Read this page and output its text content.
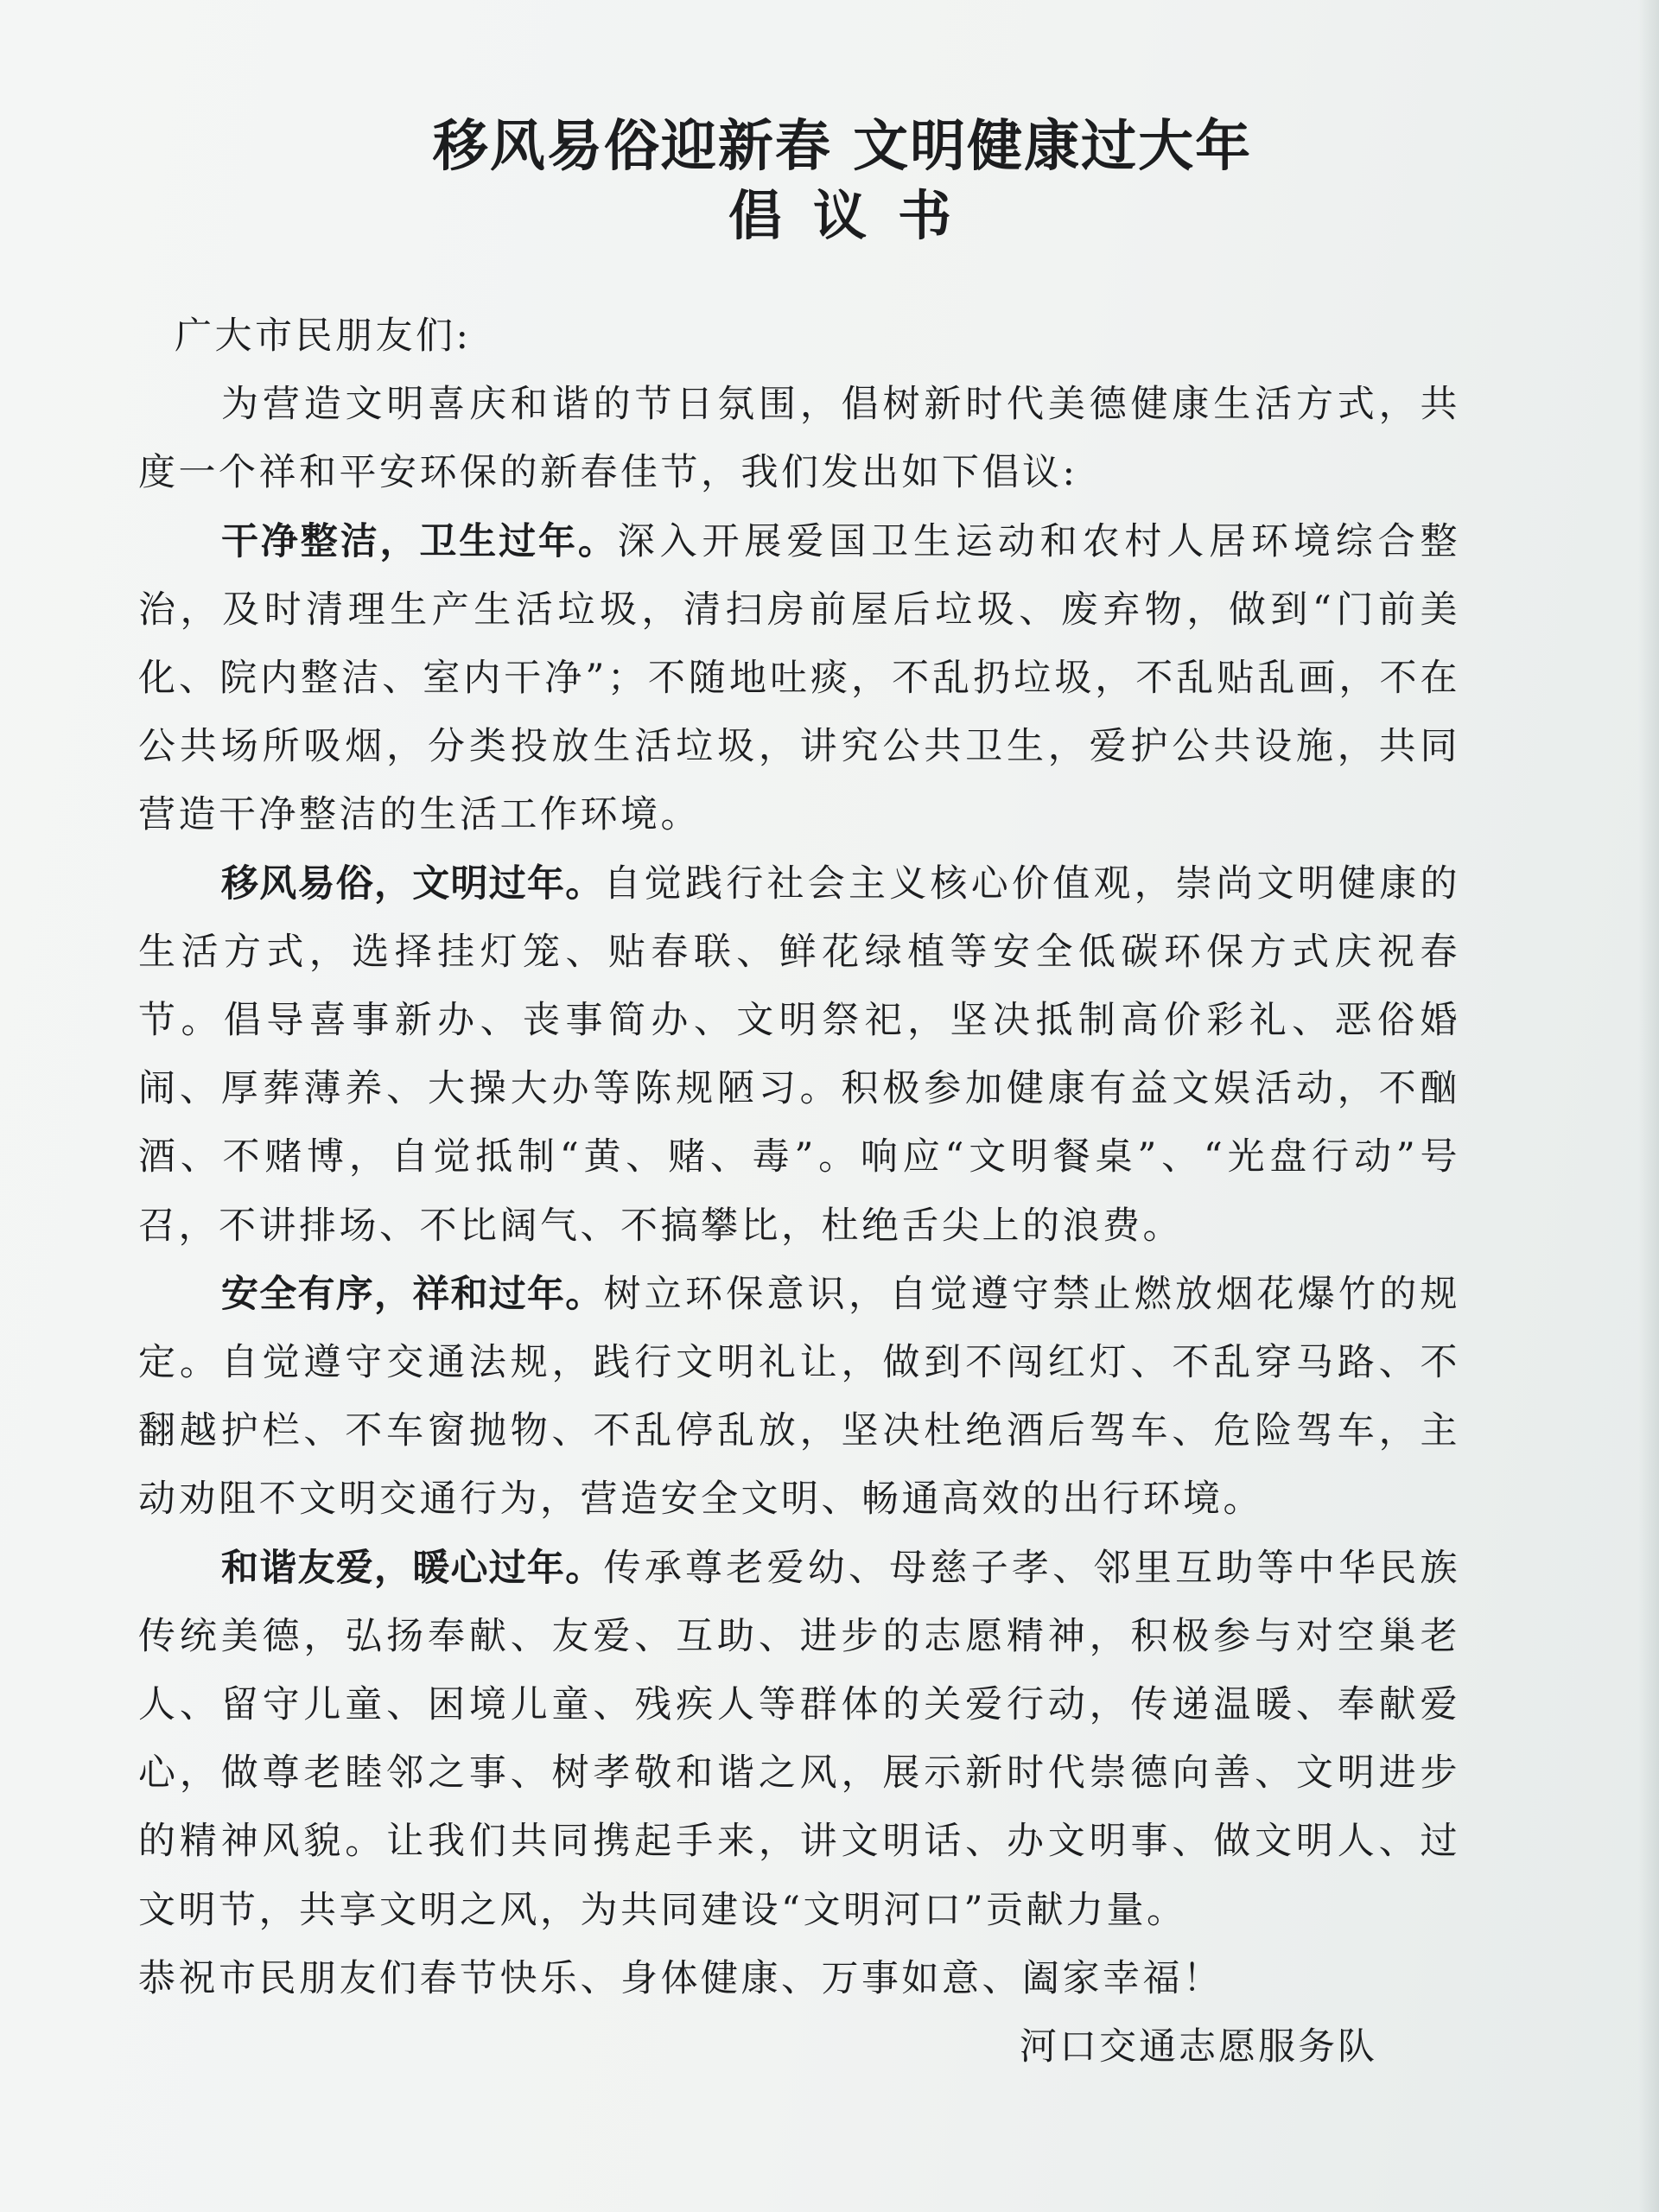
移风易俗迎新春 文明健康过大年
倡议书

广大市民朋友们:

为营造文明喜庆和谐的节日氛围，倡树新时代美德健康生活方式，共度一个祥和平安环保的新春佳节，我们发出如下倡议:

干净整洁，卫生过年。深入开展爱国卫生运动和农村人居环境综合整治，及时清理生产生活垃圾，清扫房前屋后垃圾、废弃物，做到“门前美化、院内整洁、室内干净”；不随地吐痰，不乱扔垃圾，不乱贴乱画，不在公共场所吸烟，分类投放生活垃圾，讲究公共卫生，爱护公共设施，共同营造干净整洁的生活工作环境。

移风易俗，文明过年。自觉践行社会主义核心价值观，崇尚文明健康的生活方式，选择挂灯笼、贴春联、鲜花绿植等安全低碳环保方式庆祝春节。倡导喜事新办、丧事简办、文明祭祀，坚决抵制高价彩礼、恶俗婚闹、厚葬薄养、大操大办等陈规陋习。积极参加健康有益文娱活动，不酗酒、不赌博，自觉抵制“黄、赌、毒”。响应“文明餐桌”、“光盘行动”号召，不讲排场、不比阔气、不搞攀比，杜绝舌尖上的浪费。

安全有序，祥和过年。树立环保意识，自觉遵守禁止燃放烟花爆竹的规定。自觉遵守交通法规，践行文明礼让，做到不闯红灯、不乱穿马路、不翻越护栏、不车窗抛物、不乱停乱放，坚决杜绝酒后驾车、危险驾车，主动劝阻不文明交通行为，营造安全文明、畅通高效的出行环境。

和谐友爱，暖心过年。传承尊老爱幼、母慈子孝、邻里互助等中华民族传统美德，弘扬奉献、友爱、互助、进步的志愿精神，积极参与对空巢老人、留守儿童、困境儿童、残疾人等群体的关爱行动，传递温暖、奉献爱心，做尊老睦邻之事、树孝敬和谐之风，展示新时代崇德向善、文明进步的精神风貌。让我们共同携起手来，讲文明话、办文明事、做文明人、过文明节，共享文明之风，为共同建设“文明河口”贡献力量。

恭祝市民朋友们春节快乐、身体健康、万事如意、阖家幸福！

河口交通志愿服务队
